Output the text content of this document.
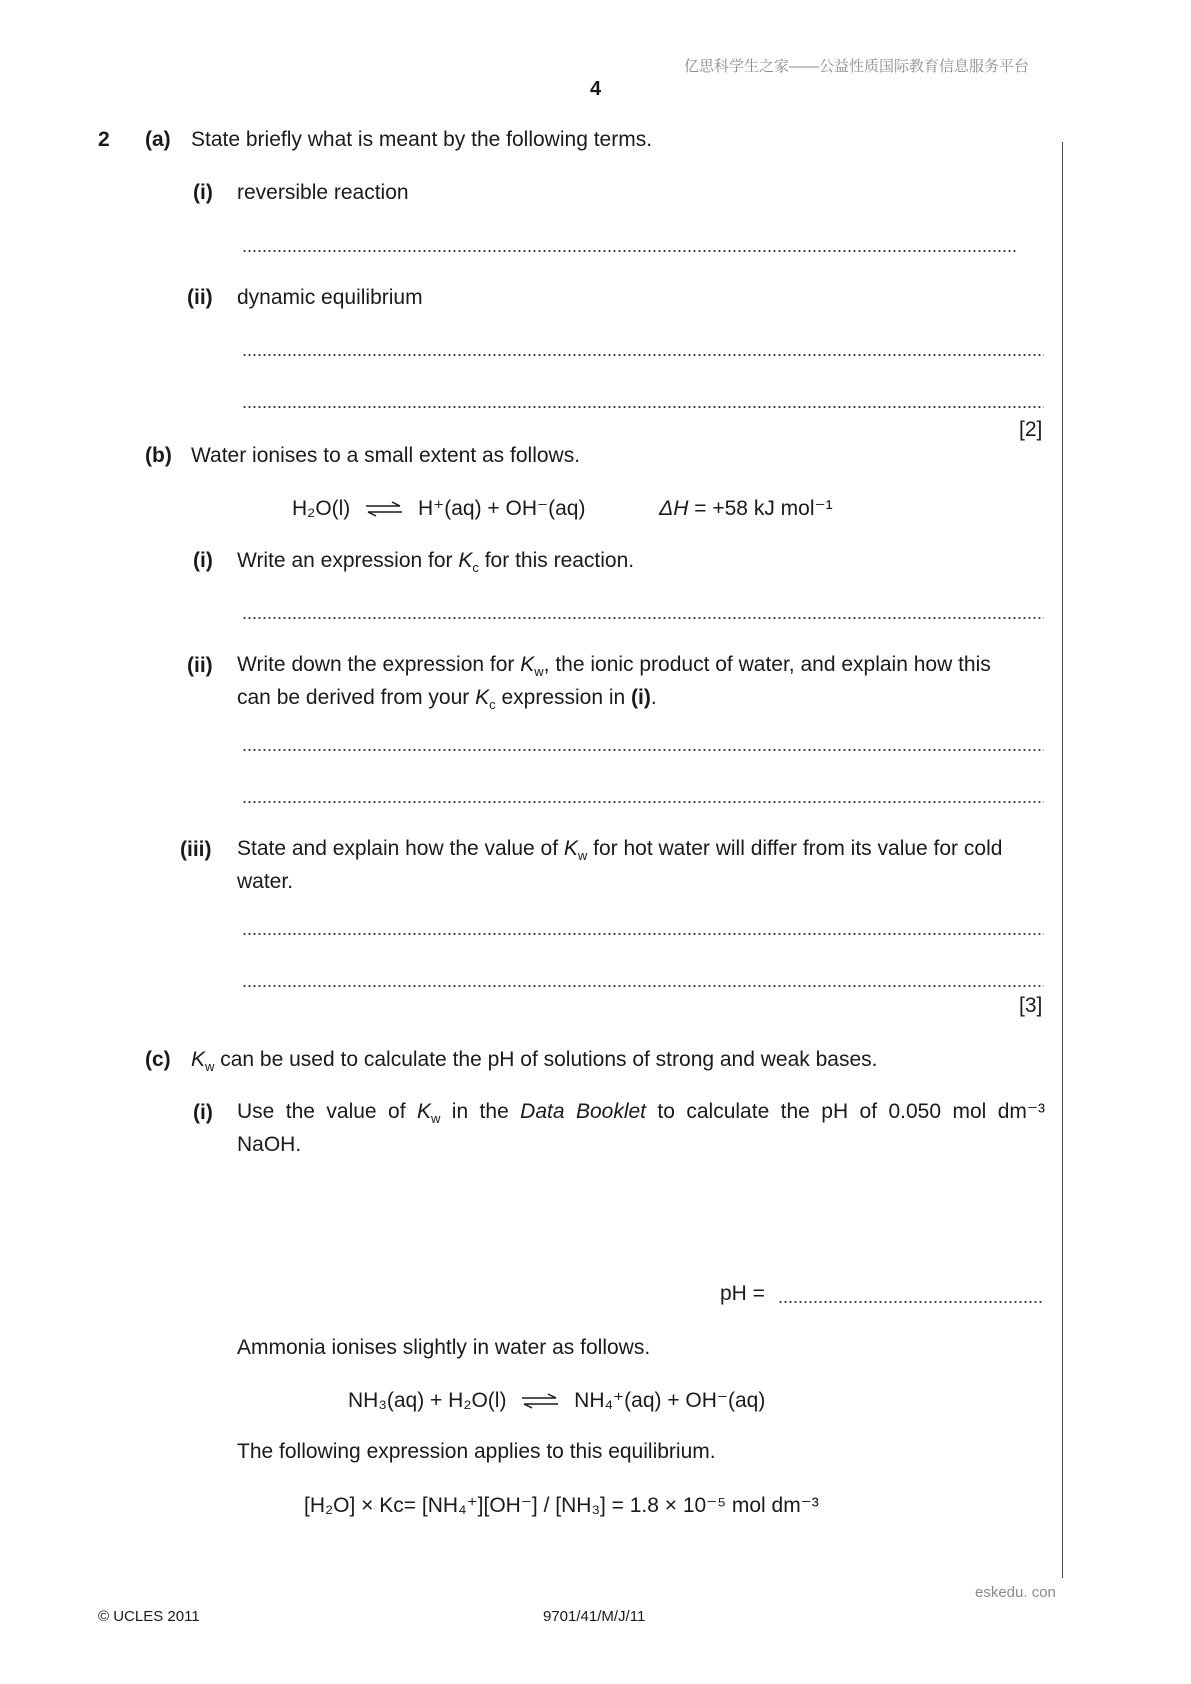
亿思科学生之家——公益性质国际教育信息服务平台
4
2 (a) State briefly what is meant by the following terms.
(i) reversible reaction
(ii) dynamic equilibrium
[2]
(b) Water ionises to a small extent as follows.
H₂O(l) ⇌ H⁺(aq) + OH⁻(aq)	ΔH = +58 kJ mol⁻¹
(i) Write an expression for $K_c$ for this reaction.
(ii) Write down the expression for $K_w$, the ionic product of water, and explain how this
can be derived from your $K_c$ expression in (i).
(iii) State and explain how the value of $K_w$ for hot water will differ from its value for cold
water.
[3]
(c) $K_w$ can be used to calculate the pH of solutions of strong and weak bases.
(i) Use the value of $K_w$ in the Data Booklet to calculate the pH of 0.050 mol dm⁻³
NaOH.
pH =
Ammonia ionises slightly in water as follows.
NH₃(aq) + H₂O(l) ⇌ NH₄⁺(aq) + OH⁻(aq)
The following expression applies to this equilibrium.
[H₂O] × Kc= [NH₄⁺][OH⁻] / [NH₃] = 1.8 × 10⁻⁵ mol dm⁻³
eskedu. con
© UCLES 2011	9701/41/M/J/11
